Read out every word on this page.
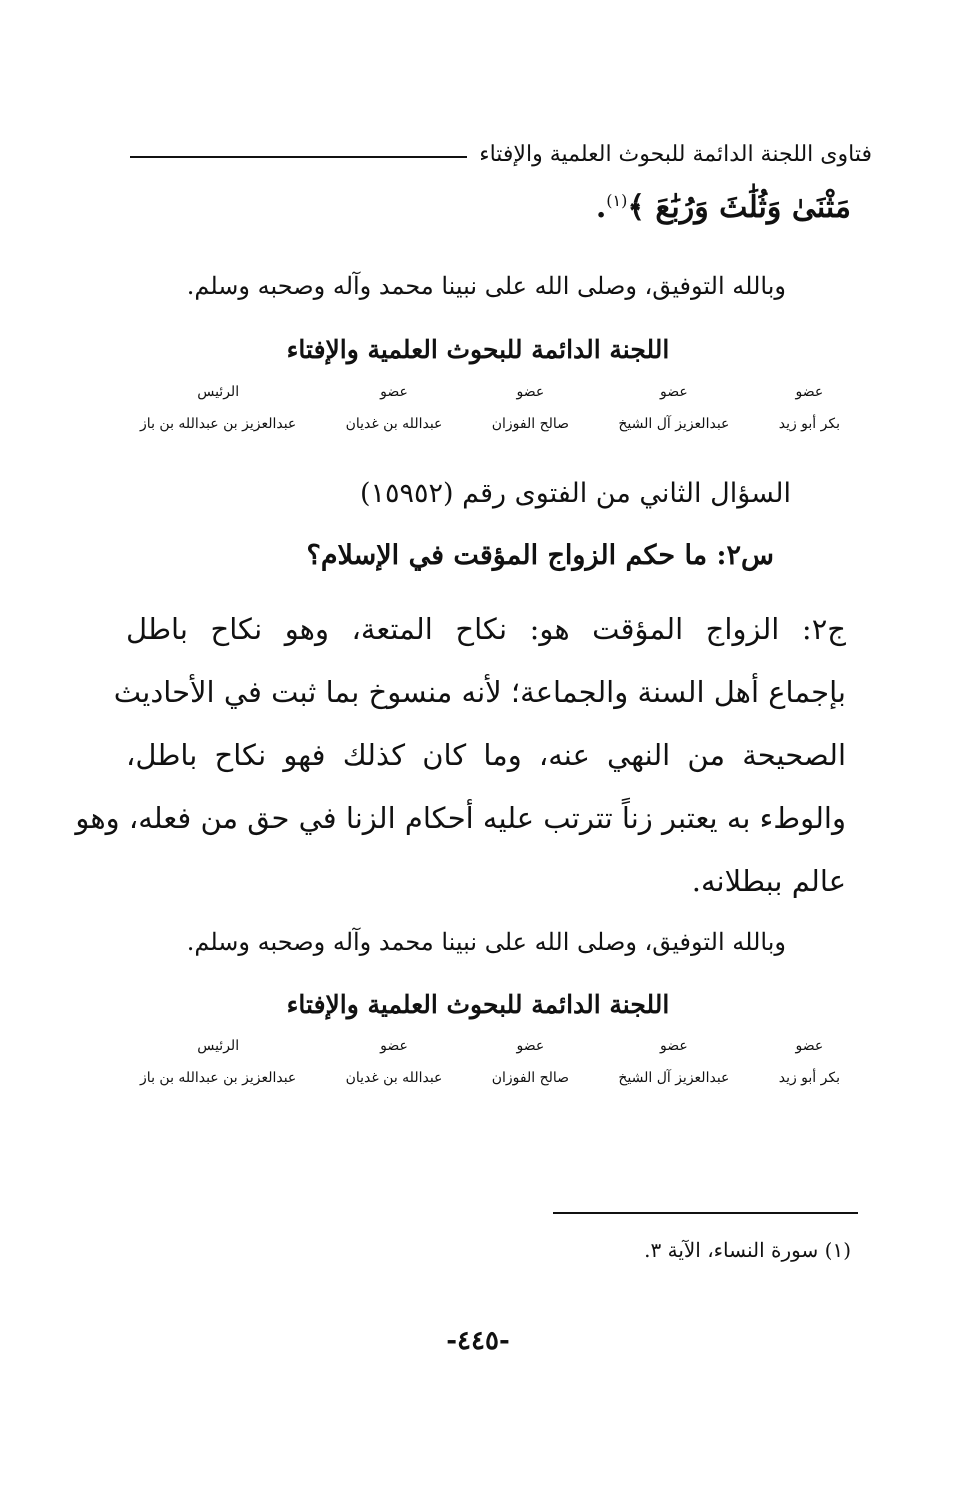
فتاوى اللجنة الدائمة للبحوث العلمية والإفتاء
مَثْنَىٰ وَثُلَٰثَ وَرُبَٰعَ ﴾$^{(١)}$.
وبالله التوفيق، وصلى الله على نبينا محمد وآله وصحبه وسلم.
اللجنة الدائمة للبحوث العلمية والإفتاء
عضو
بكر أبو زيد
عضو
عبدالعزيز آل الشيخ
عضو
صالح الفوزان
عضو
عبدالله بن غديان
الرئيس
عبدالعزيز بن عبدالله بن باز
السؤال الثاني من الفتوى رقم (١٥٩٥٢)
س٢: ما حكم الزواج المؤقت في الإسلام؟
ج٢: الزواج المؤقت هو: نكاح المتعة، وهو نكاح باطل
بإجماع أهل السنة والجماعة؛ لأنه منسوخ بما ثبت في الأحاديث
الصحيحة من النهي عنه، وما كان كذلك فهو نكاح باطل،
والوطء به يعتبر زناً تترتب عليه أحكام الزنا في حق من فعله، وهو
عالم ببطلانه.
وبالله التوفيق، وصلى الله على نبينا محمد وآله وصحبه وسلم.
اللجنة الدائمة للبحوث العلمية والإفتاء
عضو
بكر أبو زيد
عضو
عبدالعزيز آل الشيخ
عضو
صالح الفوزان
عضو
عبدالله بن غديان
الرئيس
عبدالعزيز بن عبدالله بن باز
(١) سورة النساء، الآية ٣.
-٤٤٥-
